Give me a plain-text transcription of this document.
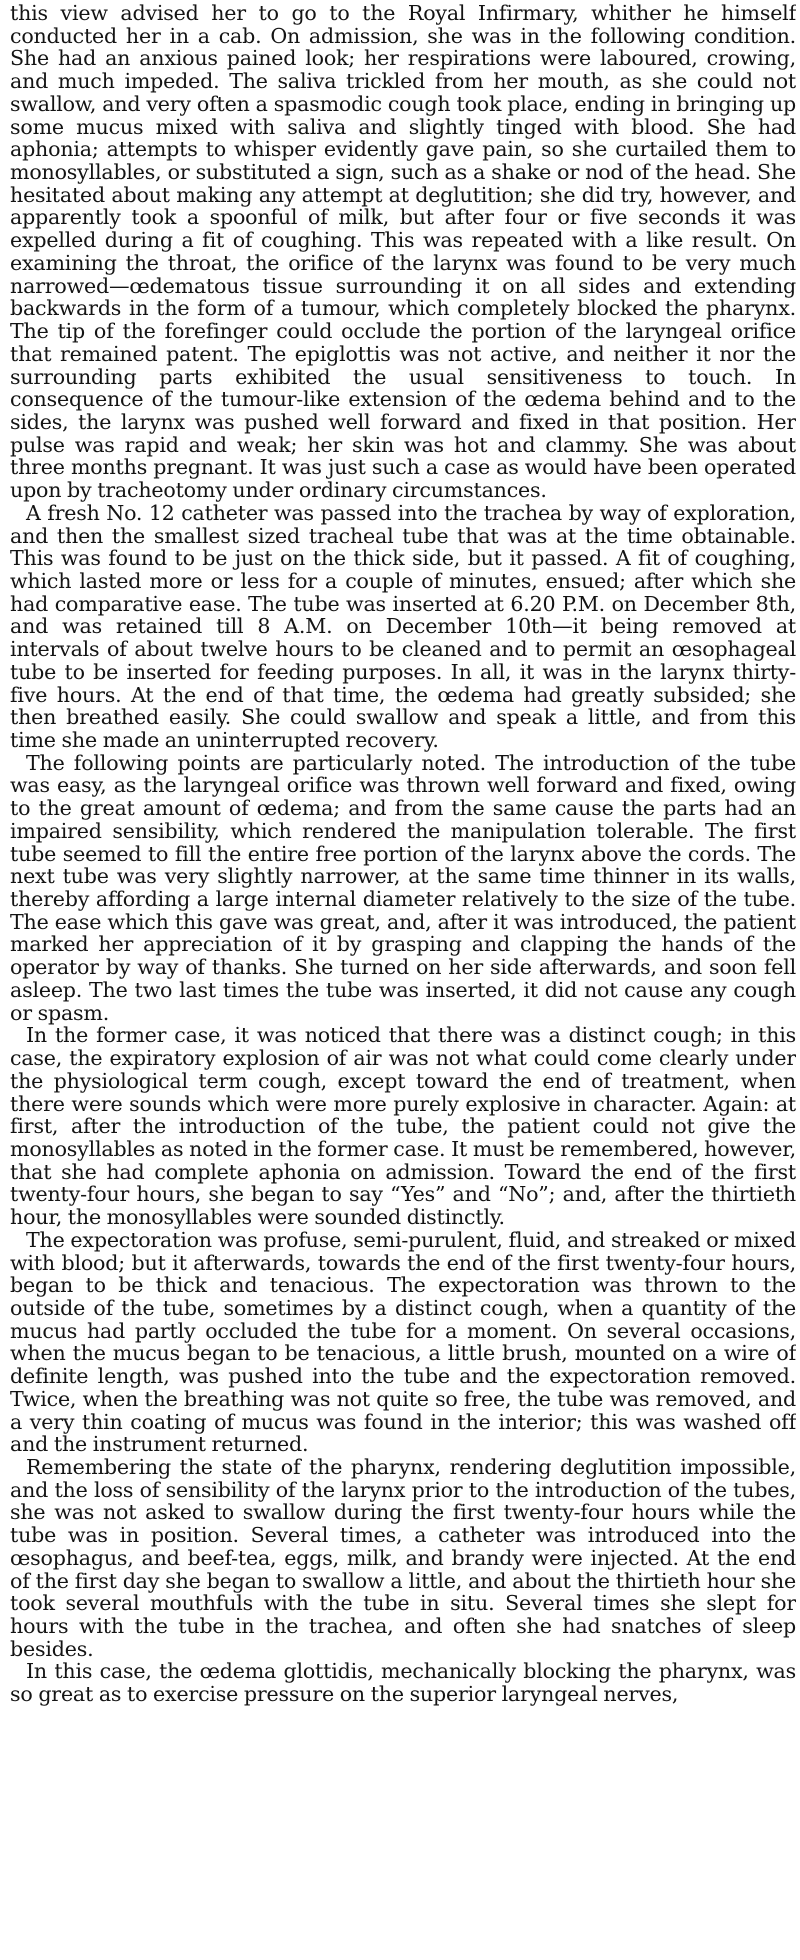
this view advised her to go to the Royal Infirmary, whither he himself conducted her in a cab. On admission, she was in the following condition. She had an anxious pained look; her respirations were laboured, crowing, and much impeded. The saliva trickled from her mouth, as she could not swallow, and very often a spasmodic cough took place, ending in bringing up some mucus mixed with saliva and slightly tinged with blood. She had aphonia; attempts to whisper evidently gave pain, so she curtailed them to monosyllables, or substituted a sign, such as a shake or nod of the head. She hesitated about making any attempt at deglutition; she did try, however, and apparently took a spoonful of milk, but after four or five seconds it was expelled during a fit of coughing. This was repeated with a like result. On examining the throat, the orifice of the larynx was found to be very much narrowed—œdematous tissue surrounding it on all sides and extending backwards in the form of a tumour, which completely blocked the pharynx. The tip of the forefinger could occlude the portion of the laryngeal orifice that remained patent. The epiglottis was not active, and neither it nor the surrounding parts exhibited the usual sensitiveness to touch. In consequence of the tumour-like extension of the œdema behind and to the sides, the larynx was pushed well forward and fixed in that position. Her pulse was rapid and weak; her skin was hot and clammy. She was about three months pregnant. It was just such a case as would have been operated upon by tracheotomy under ordinary circumstances.

A fresh No. 12 catheter was passed into the trachea by way of exploration, and then the smallest sized tracheal tube that was at the time obtainable. This was found to be just on the thick side, but it passed. A fit of coughing, which lasted more or less for a couple of minutes, ensued; after which she had comparative ease. The tube was inserted at 6.20 P.M. on December 8th, and was retained till 8 A.M. on December 10th—it being removed at intervals of about twelve hours to be cleaned and to permit an œsophageal tube to be inserted for feeding purposes. In all, it was in the larynx thirty-five hours. At the end of that time, the œdema had greatly subsided; she then breathed easily. She could swallow and speak a little, and from this time she made an uninterrupted recovery.

The following points are particularly noted. The introduction of the tube was easy, as the laryngeal orifice was thrown well forward and fixed, owing to the great amount of œdema; and from the same cause the parts had an impaired sensibility, which rendered the manipulation tolerable. The first tube seemed to fill the entire free portion of the larynx above the cords. The next tube was very slightly narrower, at the same time thinner in its walls, thereby affording a large internal diameter relatively to the size of the tube. The ease which this gave was great, and, after it was introduced, the patient marked her appreciation of it by grasping and clapping the hands of the operator by way of thanks. She turned on her side afterwards, and soon fell asleep. The two last times the tube was inserted, it did not cause any cough or spasm.

In the former case, it was noticed that there was a distinct cough; in this case, the expiratory explosion of air was not what could come clearly under the physiological term cough, except toward the end of treatment, when there were sounds which were more purely explosive in character. Again: at first, after the introduction of the tube, the patient could not give the monosyllables as noted in the former case. It must be remembered, however, that she had complete aphonia on admission. Toward the end of the first twenty-four hours, she began to say “Yes” and “No”; and, after the thirtieth hour, the monosyllables were sounded distinctly.

The expectoration was profuse, semi-purulent, fluid, and streaked or mixed with blood; but it afterwards, towards the end of the first twenty-four hours, began to be thick and tenacious. The expectoration was thrown to the outside of the tube, sometimes by a distinct cough, when a quantity of the mucus had partly occluded the tube for a moment. On several occasions, when the mucus began to be tenacious, a little brush, mounted on a wire of definite length, was pushed into the tube and the expectoration removed. Twice, when the breathing was not quite so free, the tube was removed, and a very thin coating of mucus was found in the interior; this was washed off and the instrument returned.

Remembering the state of the pharynx, rendering deglutition impossible, and the loss of sensibility of the larynx prior to the introduction of the tubes, she was not asked to swallow during the first twenty-four hours while the tube was in position. Several times, a catheter was introduced into the œsophagus, and beef-tea, eggs, milk, and brandy were injected. At the end of the first day she began to swallow a little, and about the thirtieth hour she took several mouthfuls with the tube in situ. Several times she slept for hours with the tube in the trachea, and often she had snatches of sleep besides.

In this case, the œdema glottidis, mechanically blocking the pharynx, was so great as to exercise pressure on the superior laryngeal nerves,
